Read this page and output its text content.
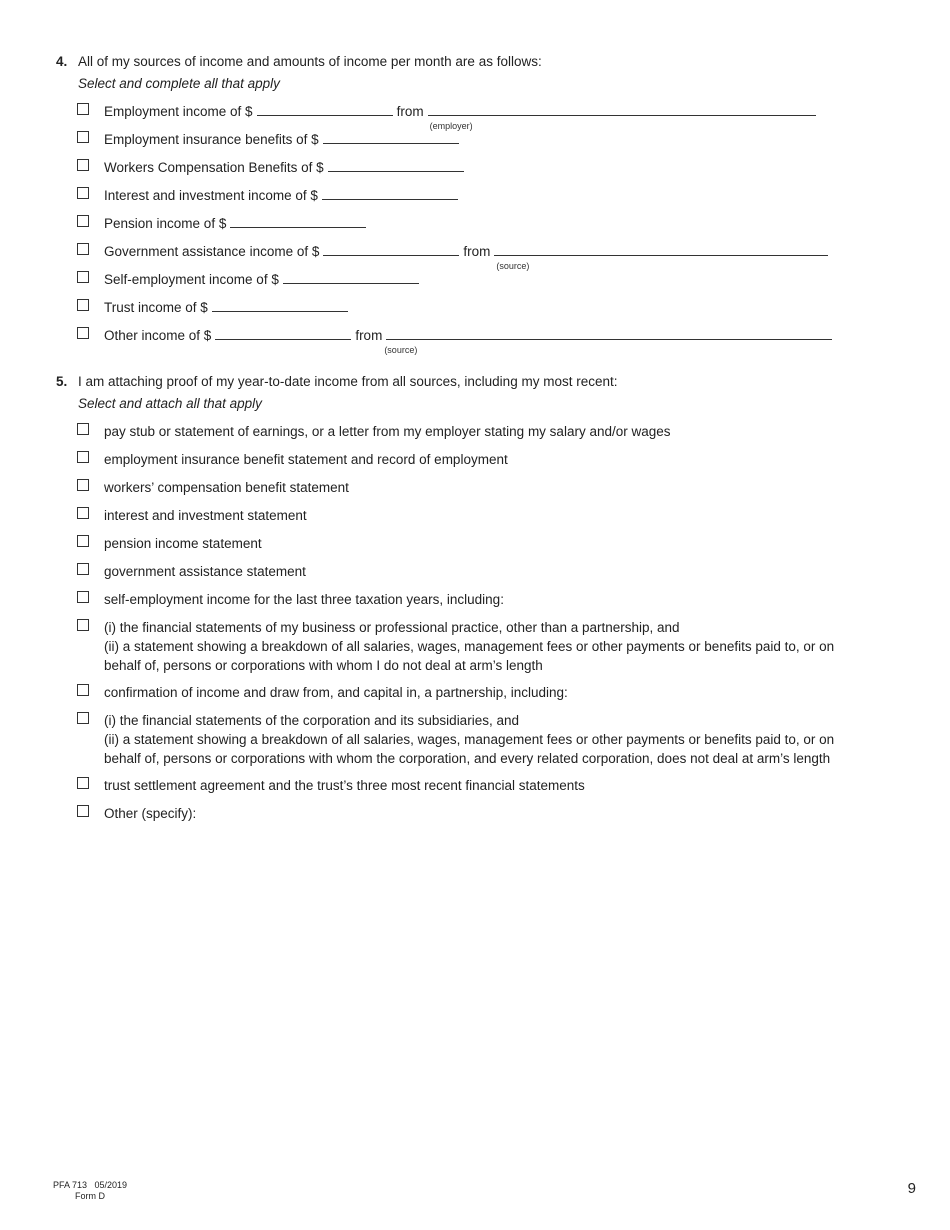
4. All of my sources of income and amounts of income per month are as follows:
Select and complete all that apply
Employment income of $	from
(employer)
Employment insurance benefits of $
Workers Compensation Benefits of $
Interest and investment income of $
Pension income of $
Government assistance income of $	from
(source)
Self-employment income of $
Trust income of $
Other income of $	from
(source)
5. I am attaching proof of my year-to-date income from all sources, including my most recent:
Select and attach all that apply
pay stub or statement of earnings, or a letter from my employer stating my salary and/or wages
employment insurance benefit statement and record of employment
workers’ compensation benefit statement
interest and investment statement
pension income statement
government assistance statement
self-employment income for the last three taxation years, including:
(i) the financial statements of my business or professional practice, other than a partnership, and
(ii) a statement showing a breakdown of all salaries, wages, management fees or other payments or benefits paid to, or on
behalf of, persons or corporations with whom I do not deal at arm’s length
confirmation of income and draw from, and capital in, a partnership, including:
(i) the financial statements of the corporation and its subsidiaries, and
(ii) a statement showing a breakdown of all salaries, wages, management fees or other payments or benefits paid to, or on
behalf of, persons or corporations with whom the corporation, and every related corporation, does not deal at arm’s length
trust settlement agreement and the trust’s three most recent financial statements
Other (specify):
PFA 713   05/2019
Form D	9
